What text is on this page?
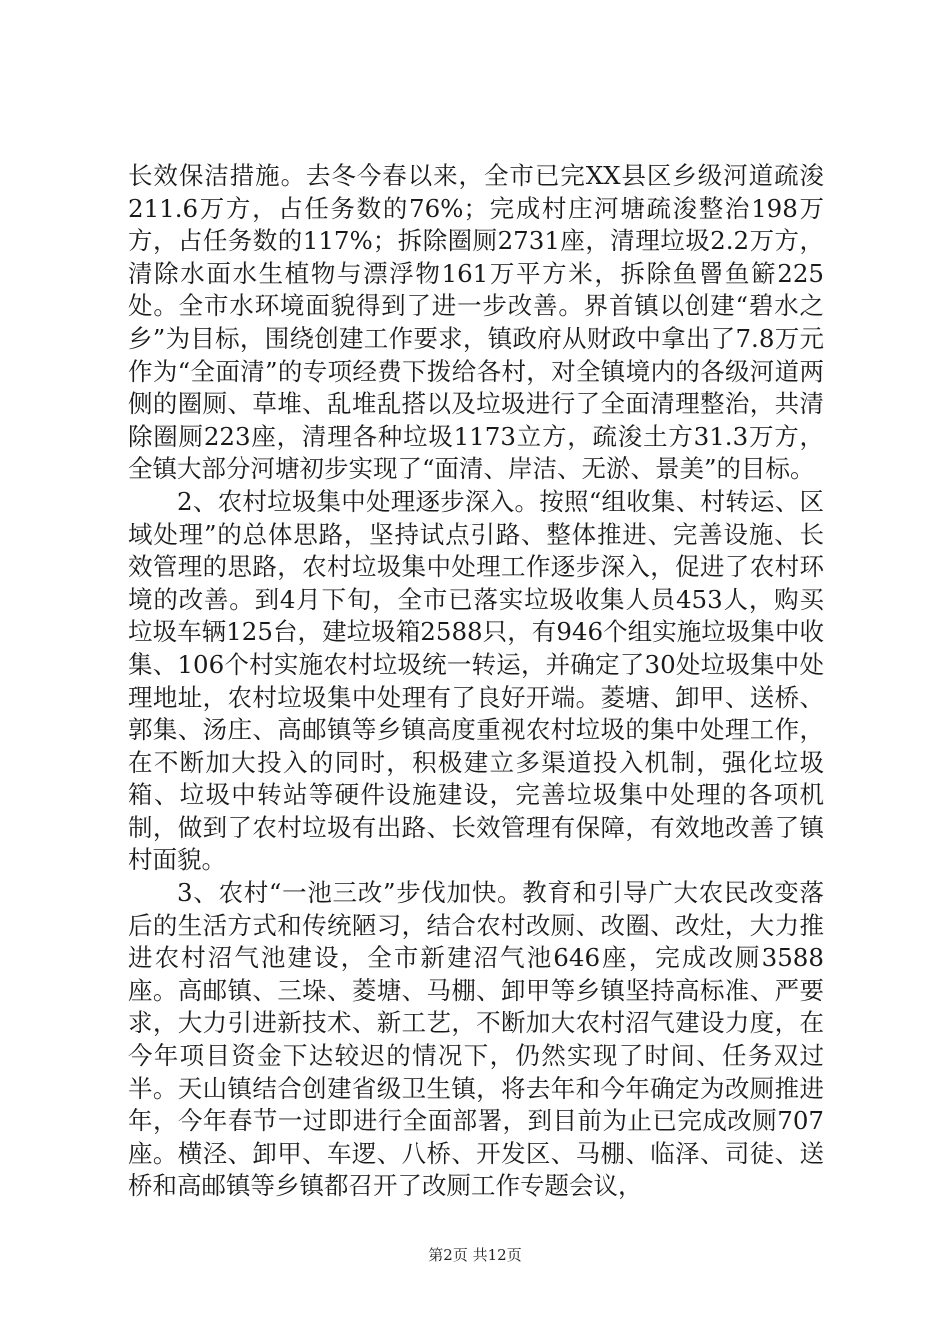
长效保洁措施。去冬今春以来，全市已完XX县区乡级河道疏浚211.6万方，占任务数的76%；完成村庄河塘疏浚整治198万方，占任务数的117%；拆除圈厕2731座，清理垃圾2.2万方，清除水面水生植物与漂浮物161万平方米，拆除鱼罾鱼簖225处。全市水环境面貌得到了进一步改善。界首镇以创建“碧水之乡”为目标，围绕创建工作要求，镇政府从财政中拿出了7.8万元作为“全面清”的专项经费下拨给各村，对全镇境内的各级河道两侧的圈厕、草堆、乱堆乱搭以及垃圾进行了全面清理整治，共清除圈厕223座，清理各种垃圾1173立方，疏浚土方31.3万方，全镇大部分河塘初步实现了“面清、岸洁、无淤、景美”的目标。

2、农村垃圾集中处理逐步深入。按照“组收集、村转运、区域处理”的总体思路，坚持试点引路、整体推进、完善设施、长效管理的思路，农村垃圾集中处理工作逐步深入，促进了农村环境的改善。到4月下旬，全市已落实垃圾收集人员453人，购买垃圾车辆125台，建垃圾箱2588只，有946个组实施垃圾集中收集、106个村实施农村垃圾统一转运，并确定了30处垃圾集中处理地址，农村垃圾集中处理有了良好开端。菱塘、卸甲、送桥、郭集、汤庄、高邮镇等乡镇高度重视农村垃圾的集中处理工作，在不断加大投入的同时，积极建立多渠道投入机制，强化垃圾箱、垃圾中转站等硬件设施建设，完善垃圾集中处理的各项机制，做到了农村垃圾有出路、长效管理有保障，有效地改善了镇村面貌。

3、农村“一池三改”步伐加快。教育和引导广大农民改变落后的生活方式和传统陋习，结合农村改厕、改圈、改灶，大力推进农村沼气池建设，全市新建沼气池646座，完成改厕3588座。高邮镇、三垛、菱塘、马棚、卸甲等乡镇坚持高标准、严要求，大力引进新技术、新工艺，不断加大农村沼气建设力度，在今年项目资金下达较迟的情况下，仍然实现了时间、任务双过半。天山镇结合创建省级卫生镇，将去年和今年确定为改厕推进年，今年春节一过即进行全面部署，到目前为止已完成改厕707座。横泾、卸甲、车逻、八桥、开发区、马棚、临泽、司徒、送桥和高邮镇等乡镇都召开了改厕工作专题会议，

第2页 共12页
